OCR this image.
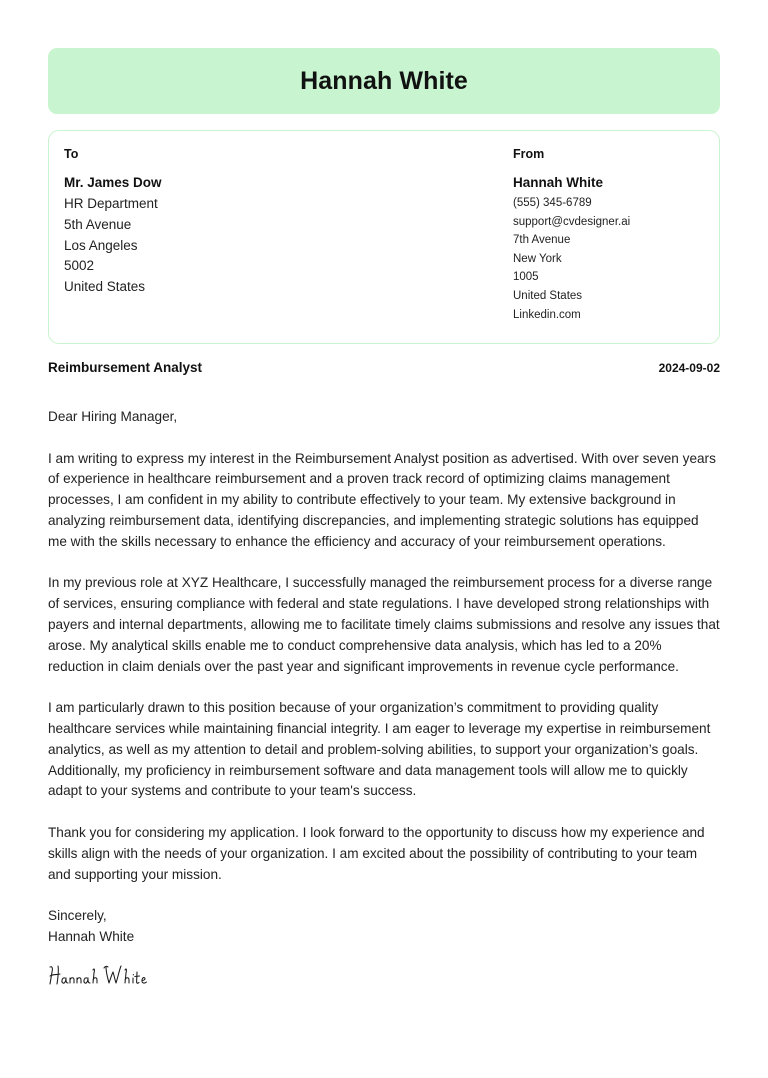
Hannah White
To
Mr. James Dow
HR Department
5th Avenue
Los Angeles
5002
United States
From
Hannah White
(555) 345-6789
support@cvdesigner.ai
7th Avenue
New York
1005
United States
Linkedin.com
Reimbursement Analyst	2024-09-02

Dear Hiring Manager,

I am writing to express my interest in the Reimbursement Analyst position as advertised. With over seven years of experience in healthcare reimbursement and a proven track record of optimizing claims management processes, I am confident in my ability to contribute effectively to your team. My extensive background in analyzing reimbursement data, identifying discrepancies, and implementing strategic solutions has equipped me with the skills necessary to enhance the efficiency and accuracy of your reimbursement operations.

In my previous role at XYZ Healthcare, I successfully managed the reimbursement process for a diverse range of services, ensuring compliance with federal and state regulations. I have developed strong relationships with payers and internal departments, allowing me to facilitate timely claims submissions and resolve any issues that arose. My analytical skills enable me to conduct comprehensive data analysis, which has led to a 20% reduction in claim denials over the past year and significant improvements in revenue cycle performance.

I am particularly drawn to this position because of your organization’s commitment to providing quality healthcare services while maintaining financial integrity. I am eager to leverage my expertise in reimbursement analytics, as well as my attention to detail and problem-solving abilities, to support your organization’s goals. Additionally, my proficiency in reimbursement software and data management tools will allow me to quickly adapt to your systems and contribute to your team's success.

Thank you for considering my application. I look forward to the opportunity to discuss how my experience and skills align with the needs of your organization. I am excited about the possibility of contributing to your team and supporting your mission.

Sincerely,
Hannah White
